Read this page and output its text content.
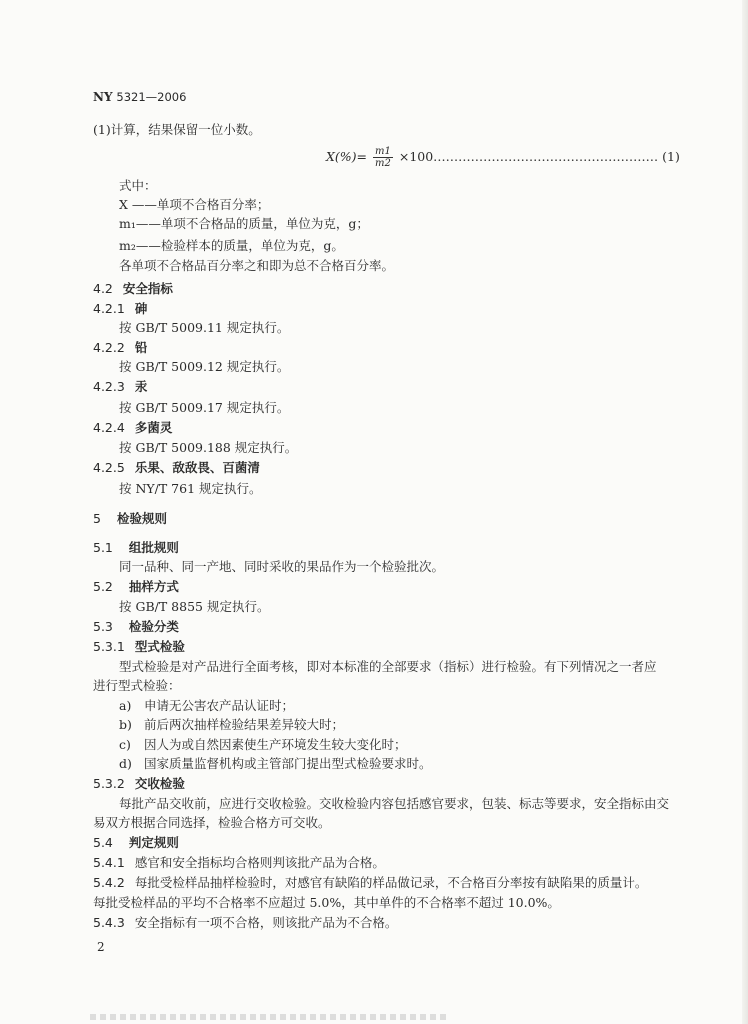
NY 5321—2006
(1)计算，结果保留一位小数。
$X(\%)= \frac{m1}{m2}$ ×100……………………………………………… (1)
式中：
X ——单项不合格百分率；
m₁——单项不合格品的质量，单位为克，g；
m₂——检验样本的质量，单位为克，g。
各单项不合格品百分率之和即为总不合格百分率。
4.2 安全指标
4.2.1 砷
按 GB/T 5009.11 规定执行。
4.2.2 铅
按 GB/T 5009.12 规定执行。
4.2.3 汞
按 GB/T 5009.17 规定执行。
4.2.4 多菌灵
按 GB/T 5009.188 规定执行。
4.2.5 乐果、敌敌畏、百菌清
按 NY/T 761 规定执行。
5 检验规则
5.1 组批规则
同一品种、同一产地、同时采收的果品作为一个检验批次。
5.2 抽样方式
按 GB/T 8855 规定执行。
5.3 检验分类
5.3.1 型式检验
型式检验是对产品进行全面考核，即对本标准的全部要求（指标）进行检验。有下列情况之一者应
进行型式检验：
a) 申请无公害农产品认证时；
b) 前后两次抽样检验结果差异较大时；
c) 因人为或自然因素使生产环境发生较大变化时；
d) 国家质量监督机构或主管部门提出型式检验要求时。
5.3.2 交收检验
每批产品交收前，应进行交收检验。交收检验内容包括感官要求，包装、标志等要求，安全指标由交
易双方根据合同选择，检验合格方可交收。
5.4 判定规则
5.4.1 感官和安全指标均合格则判该批产品为合格。
5.4.2 每批受检样品抽样检验时，对感官有缺陷的样品做记录，不合格百分率按有缺陷果的质量计。
每批受检样品的平均不合格率不应超过 5.0%，其中单件的不合格率不超过 10.0%。
5.4.3 安全指标有一项不合格，则该批产品为不合格。
2
